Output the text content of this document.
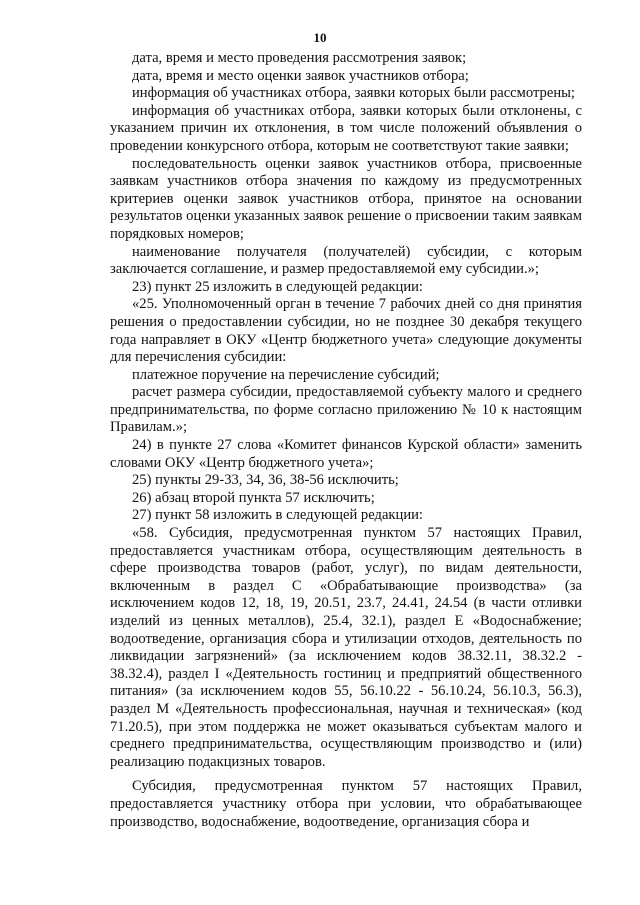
10

дата, время и место проведения рассмотрения заявок;

дата, время и место оценки заявок участников отбора;

информация об участниках отбора, заявки которых были рассмотрены;

информация об участниках отбора, заявки которых были отклонены, с указанием причин их отклонения, в том числе положений объявления о проведении конкурсного отбора, которым не соответствуют такие заявки;

последовательность оценки заявок участников отбора, присвоенные заявкам участников отбора значения по каждому из предусмотренных критериев оценки заявок участников отбора, принятое на основании результатов оценки указанных заявок решение о присвоении таким заявкам порядковых номеров;

наименование получателя (получателей) субсидии, с которым заключается соглашение, и размер предоставляемой ему субсидии.»;

23) пункт 25 изложить в следующей редакции:

«25. Уполномоченный орган в течение 7 рабочих дней со дня принятия решения о предоставлении субсидии, но не позднее 30 декабря текущего года направляет в ОКУ «Центр бюджетного учета» следующие документы для перечисления субсидии:

платежное поручение на перечисление субсидий;

расчет размера субсидии, предоставляемой субъекту малого и среднего предпринимательства, по форме согласно приложению № 10 к настоящим Правилам.»;

24) в пункте 27 слова «Комитет финансов Курской области» заменить словами ОКУ «Центр бюджетного учета»;

25) пункты 29-33, 34, 36, 38-56 исключить;

26) абзац второй пункта 57 исключить;

27) пункт 58 изложить в следующей редакции:

«58. Субсидия, предусмотренная пунктом 57 настоящих Правил, предоставляется участникам отбора, осуществляющим деятельность в сфере производства товаров (работ, услуг), по видам деятельности, включенным в раздел С «Обрабатывающие производства» (за исключением кодов 12, 18, 19, 20.51, 23.7, 24.41, 24.54 (в части отливки изделий из ценных металлов), 25.4, 32.1), раздел Е «Водоснабжение; водоотведение, организация сбора и утилизации отходов, деятельность по ликвидации загрязнений» (за исключением кодов 38.32.11, 38.32.2 - 38.32.4), раздел I «Деятельность гостиниц и предприятий общественного питания» (за исключением кодов 55, 56.10.22 - 56.10.24, 56.10.3, 56.3), раздел М «Деятельность профессиональная, научная и техническая» (код 71.20.5), при этом поддержка не может оказываться субъектам малого и среднего предпринимательства, осуществляющим производство и (или) реализацию подакцизных товаров.

Субсидия, предусмотренная пунктом 57 настоящих Правил, предоставляется участнику отбора при условии, что обрабатывающее производство, водоснабжение, водоотведение, организация сбора и
